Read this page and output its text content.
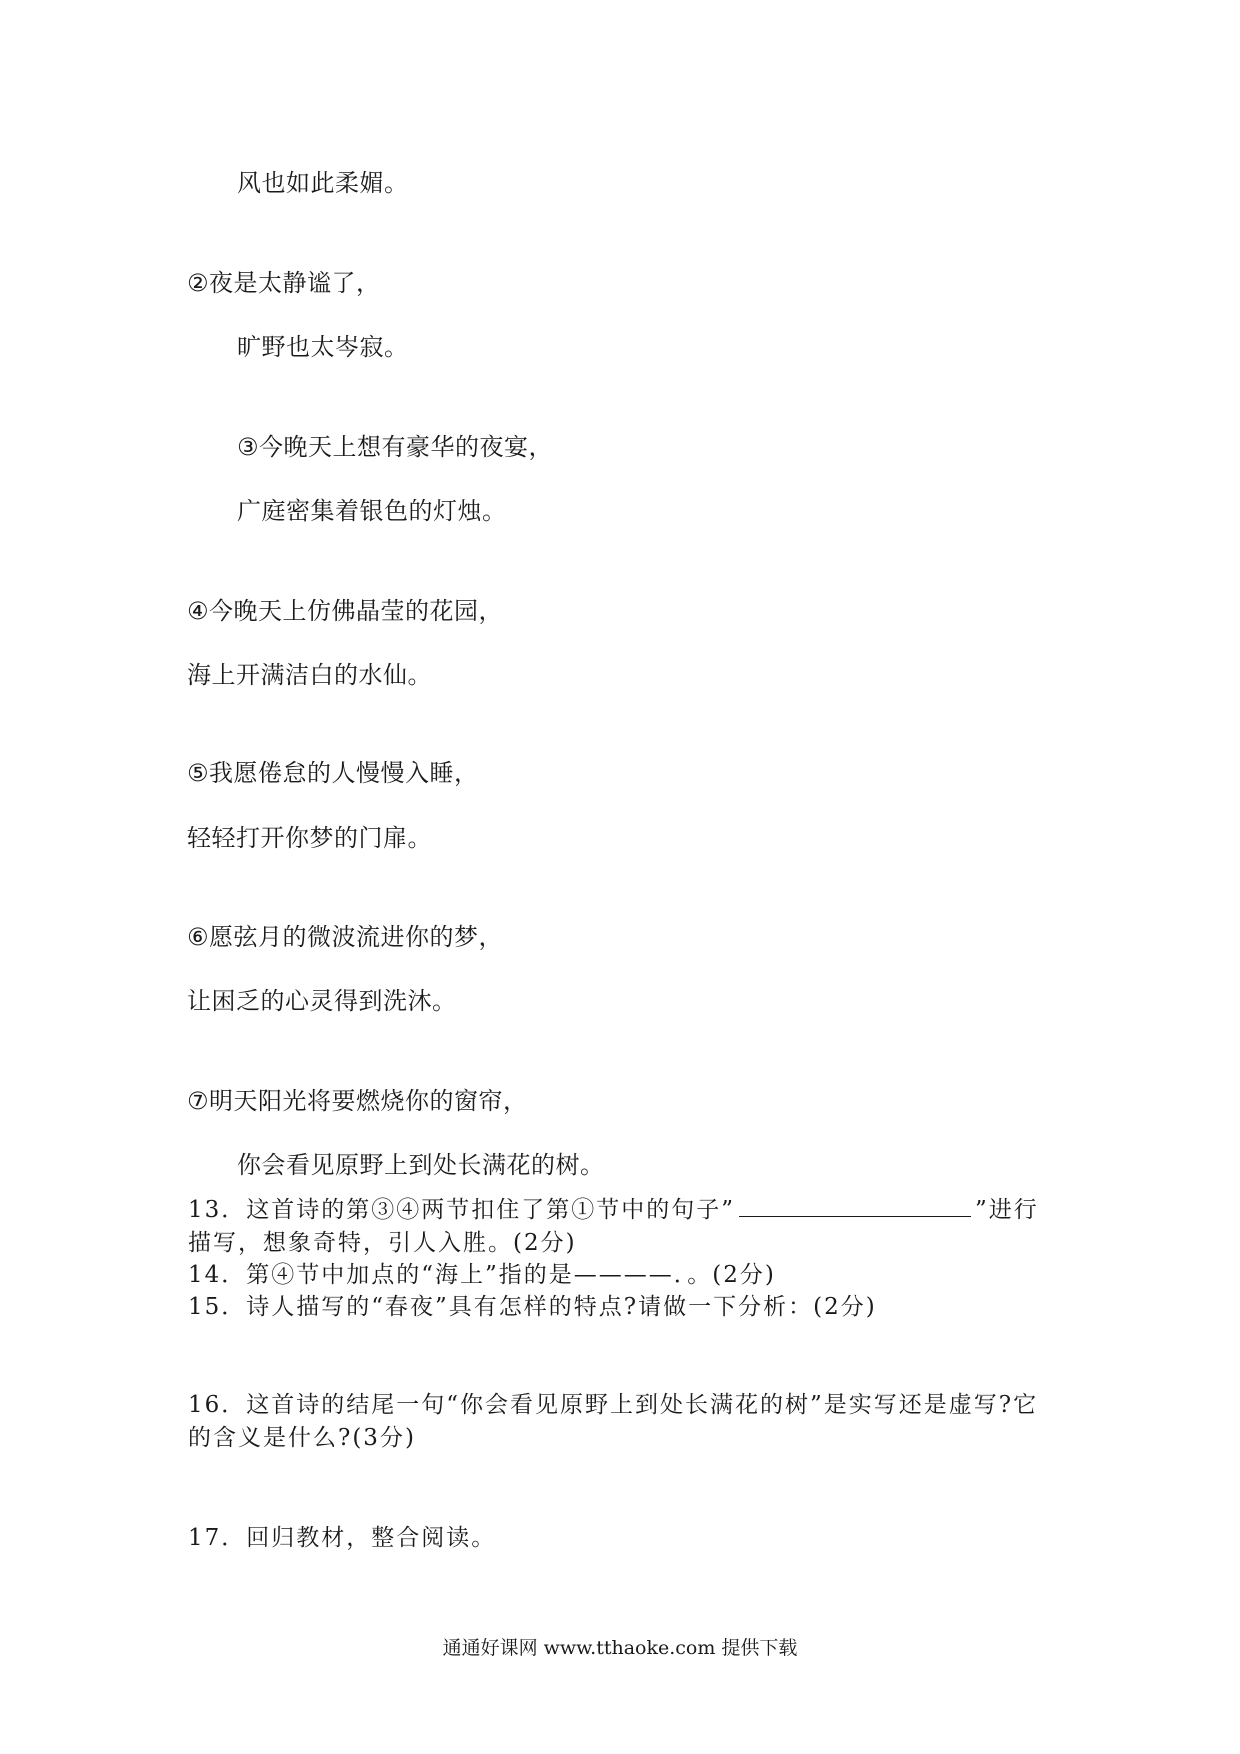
风也如此柔媚。
②夜是太静谧了，
旷野也太岑寂。
③今晚天上想有豪华的夜宴，
广庭密集着银色的灯烛。
④今晚天上仿佛晶莹的花园，
海上开满洁白的水仙。
⑤我愿倦怠的人慢慢入睡，
轻轻打开你梦的门扉。
⑥愿弦月的微波流进你的梦，
让困乏的心灵得到洗沐。
⑦明天阳光将要燃烧你的窗帘，
你会看见原野上到处长满花的树。
13．这首诗的第③④两节扣住了第①节中的句子”	”进行
描写，想象奇特，引人入胜。(2分)
14．第④节中加点的“海上”指的是————．。(2分)
15．诗人描写的“春夜”具有怎样的特点?请做一下分析：(2分)
16．这首诗的结尾一句“你会看见原野上到处长满花的树”是实写还是虚写?它
的含义是什么?(3分)
17．回归教材，整合阅读。
通通好课网 www.tthaoke.com 提供下载
